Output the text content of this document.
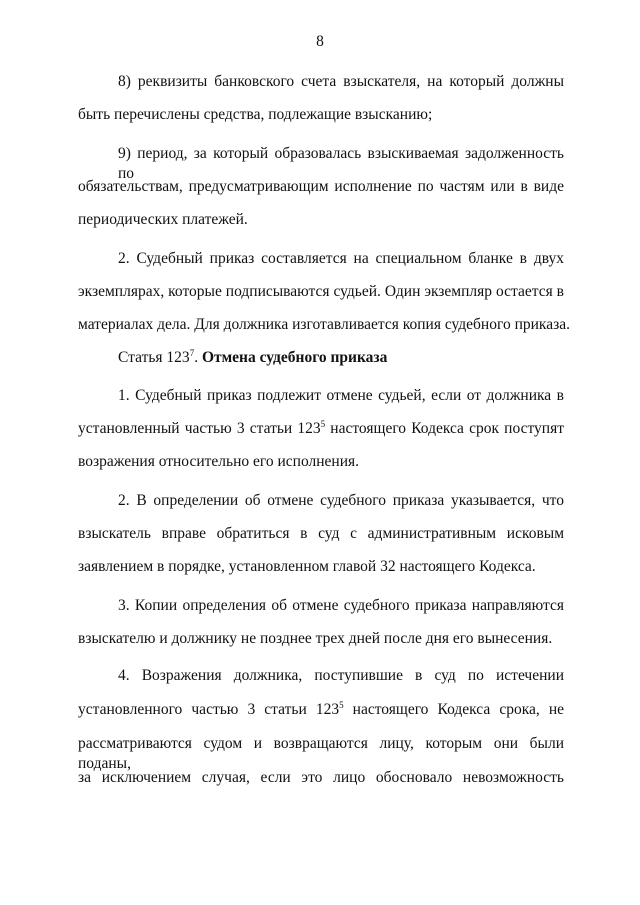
8
8) реквизиты банковского счета взыскателя, на который должны
быть перечислены средства, подлежащие взысканию;
9) период, за который образовалась взыскиваемая задолженность по
обязательствам, предусматривающим исполнение по частям или в виде
периодических платежей.
2. Судебный приказ составляется на специальном бланке в двух
экземплярах, которые подписываются судьей. Один экземпляр остается в
материалах дела. Для должника изготавливается копия судебного приказа.
Статья $123^7$. Отмена судебного приказа
1. Судебный приказ подлежит отмене судьей, если от должника в
установленный частью 3 статьи $123^5$ настоящего Кодекса срок поступят
возражения относительно его исполнения.
2. В определении об отмене судебного приказа указывается, что
взыскатель вправе обратиться в суд с административным исковым
заявлением в порядке, установленном главой 32 настоящего Кодекса.
3. Копии определения об отмене судебного приказа направляются
взыскателю и должнику не позднее трех дней после дня его вынесения.
4. Возражения должника, поступившие в суд по истечении
установленного частью 3 статьи $123^5$ настоящего Кодекса срока, не
рассматриваются судом и возвращаются лицу, которым они были поданы,
за исключением случая, если это лицо обосновало невозможность
